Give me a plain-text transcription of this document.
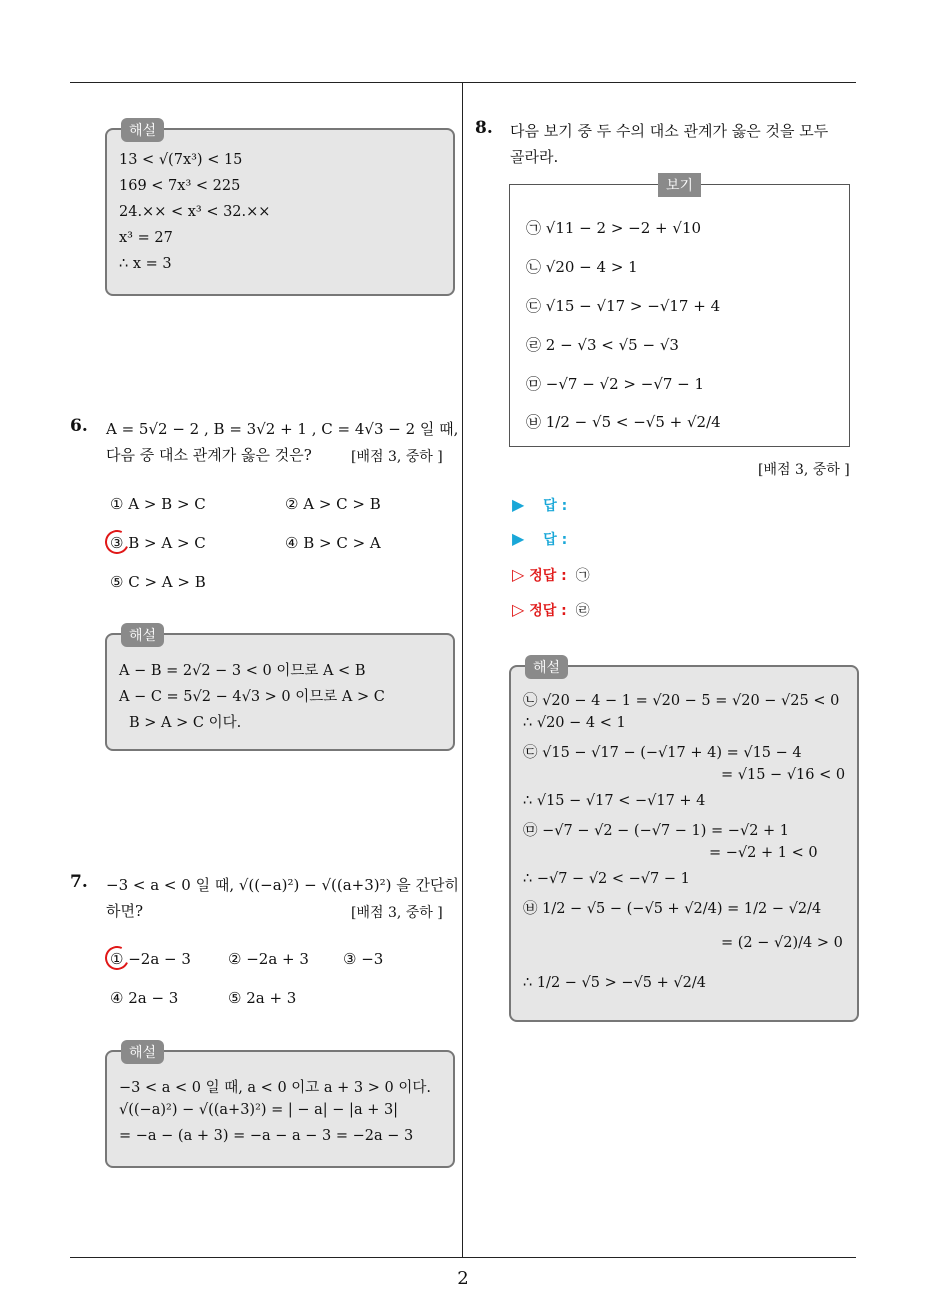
2
해설
13 < √(7x³) < 15
169 < 7x³ < 225
24.×× < x³ < 32.××
x³ = 27
∴ x = 3
6. A = 5√2 − 2 , B = 3√2 + 1 , C = 4√3 − 2 일 때,
다음 중 대소 관계가 옳은 것은?	[배점 3, 중하 ]
① A > B > C	② A > C > B
③ B > A > C	④ B > C > A
⑤ C > A > B
해설
A − B = 2√2 − 3 < 0 이므로 A < B
A − C = 5√2 − 4√3 > 0 이므로 A > C
B > A > C 이다.
7. −3 < a < 0 일 때, √((−a)²) − √((a+3)²) 을 간단히
하면?	[배점 3, 중하 ]
① −2a − 3 ② −2a + 3 ③ −3
④ 2a − 3	⑤ 2a + 3
해설
−3 < a < 0 일 때, a < 0 이고 a + 3 > 0 이다.
√((−a)²) − √((a+3)²) = | − a| − |a + 3|
= −a − (a + 3) = −a − a − 3 = −2a − 3
8. 다음 보기 중 두 수의 대소 관계가 옳은 것을 모두
골라라.
보기
㉠ √11 − 2 > −2 + √10
㉡ √20 − 4 > 1
㉢ √15 − √17 > −√17 + 4
㉣ 2 − √3 < √5 − √3
㉤ −√7 − √2 > −√7 − 1
㉥ 1/2 − √5 < −√5 + √2/4
[배점 3, 중하 ]
▶ 답 :
▶ 답 :
▷ 정답 : ㉠
▷ 정답 : ㉣
해설
㉡ √20 − 4 − 1 = √20 − 5 = √20 − √25 < 0
∴ √20 − 4 < 1
㉢ √15 − √17 − (−√17 + 4) = √15 − 4
= √15 − √16 < 0
∴ √15 − √17 < −√17 + 4
㉤ −√7 − √2 − (−√7 − 1) = −√2 + 1
= −√2 + 1 < 0
∴ −√7 − √2 < −√7 − 1
㉥ 1/2 − √5 − (−√5 + √2/4) = 1/2 − √2/4
= (2 − √2)/4 > 0
∴ 1/2 − √5 > −√5 + √2/4
